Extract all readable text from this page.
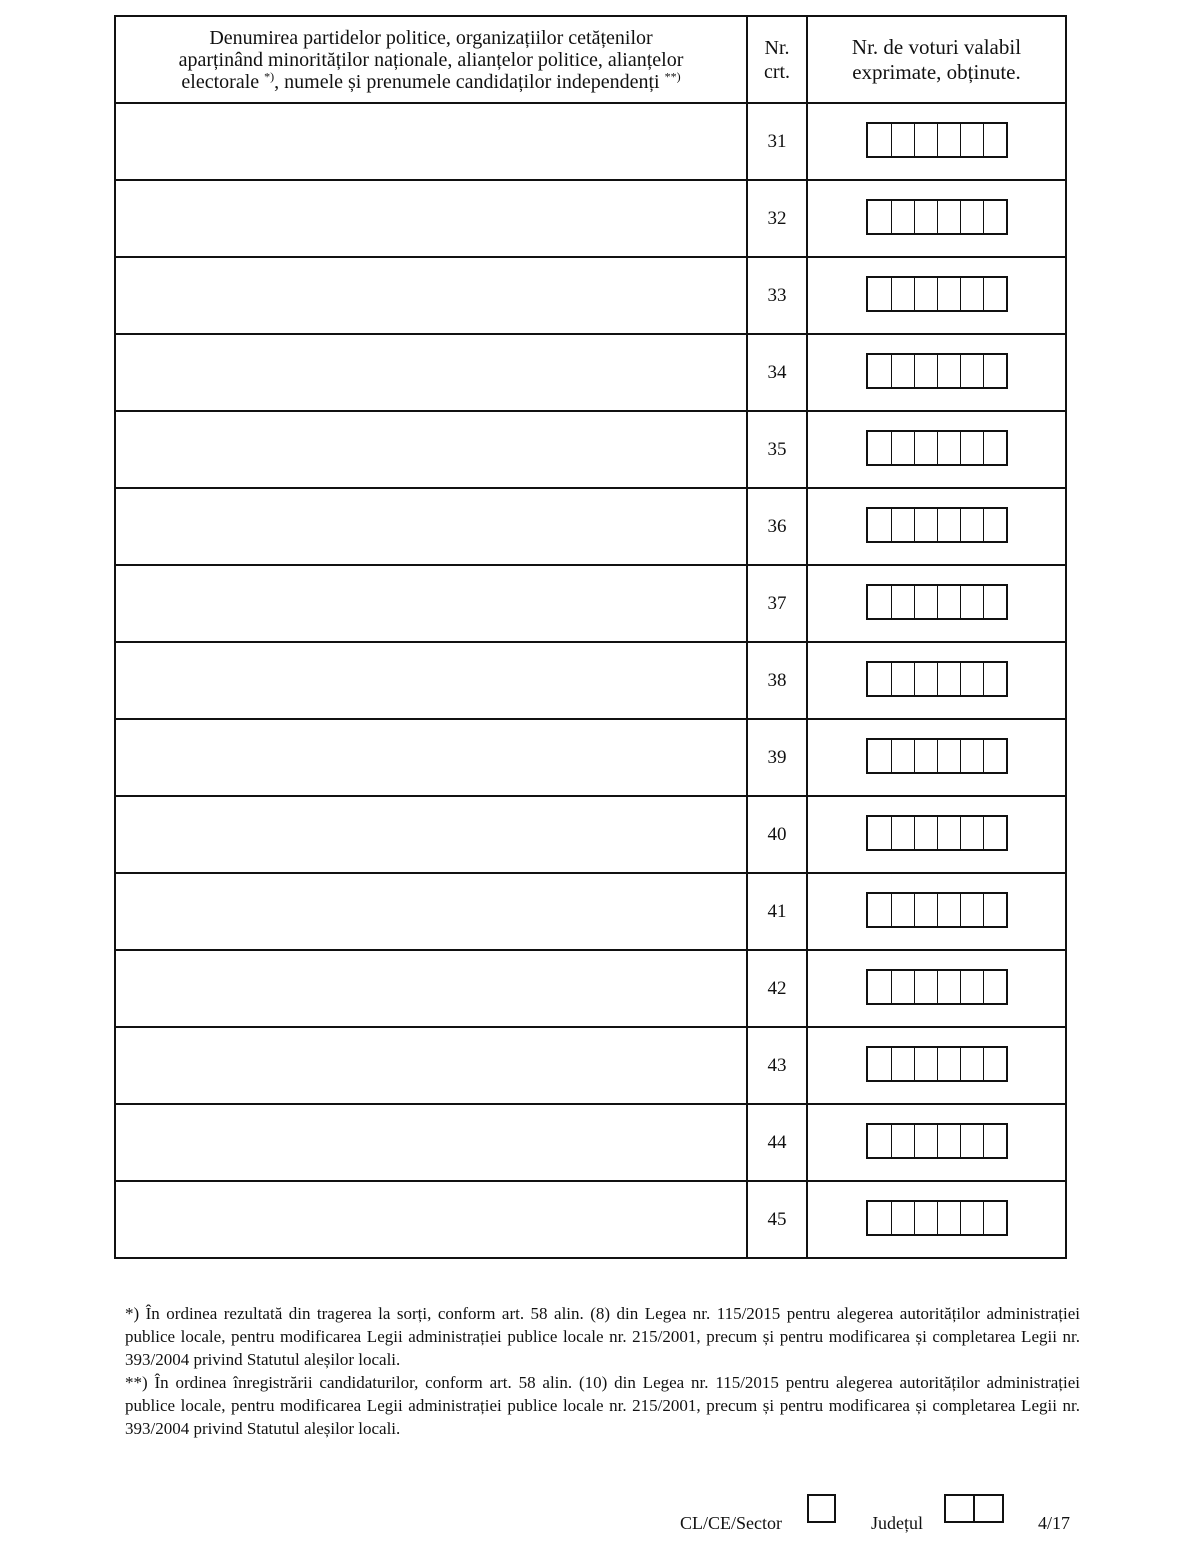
Denumirea partidelor politice, organizațiilor cetățenilor
aparținând minorităților naționale, alianțelor politice, alianțelor
electorale *), numele și prenumele candidaților independenți **)	Nr.
crt.	Nr. de voturi valabil
exprimate, obținute.
	31	

	32	

	33	

	34	

	35	

	36	

	37	

	38	

	39	

	40	

	41	

	42	

	43	

	44	

	45	

*) În ordinea rezultată din tragerea la sorți, conform art. 58 alin. (8) din Legea nr. 115/2015 pentru alegerea autorităților administrației publice locale, pentru modificarea Legii administrației publice locale nr. 215/2001, precum și pentru modificarea și completarea Legii nr. 393/2004 privind Statutul aleșilor locali.

**) În ordinea înregistrării candidaturilor, conform art. 58 alin. (10) din Legea nr. 115/2015 pentru alegerea autorităților administrației publice locale, pentru modificarea Legii administrației publice locale nr. 215/2001, precum și pentru modificarea și completarea Legii nr. 393/2004 privind Statutul aleșilor locali.

CL/CE/Sector	Județul	4/17
